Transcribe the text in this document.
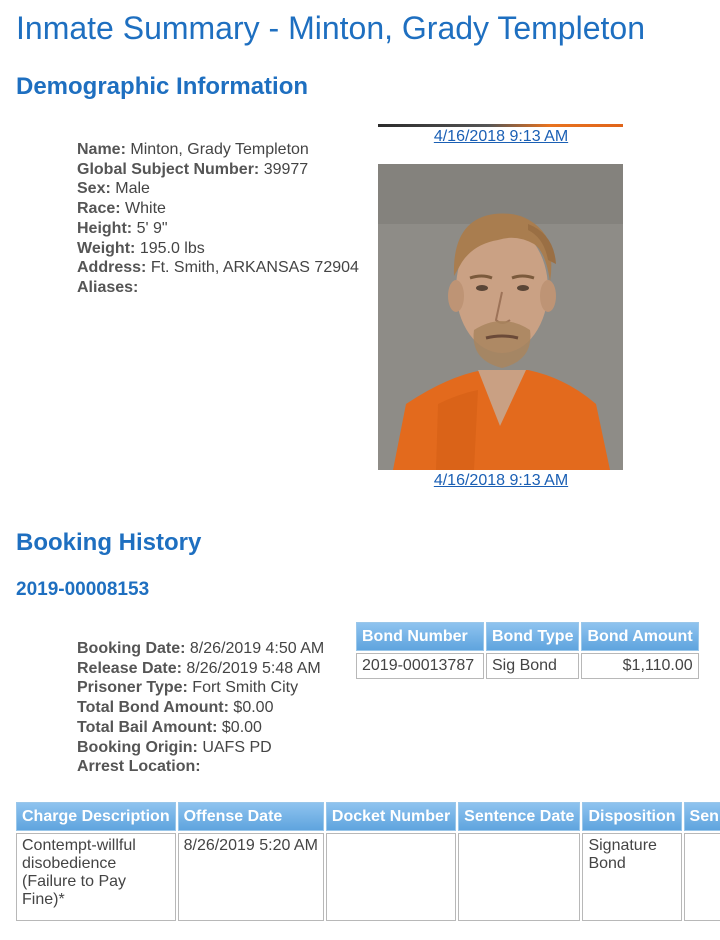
Inmate Summary - Minton, Grady Templeton
Demographic Information
Name: Minton, Grady Templeton
Global Subject Number: 39977
Sex: Male
Race: White
Height: 5' 9"
Weight: 195.0 lbs
Address: Ft. Smith, ARKANSAS 72904
Aliases:
4/16/2018 9:13 AM
4/16/2018 9:13 AM
Booking History
2019-00008153
Booking Date: 8/26/2019 4:50 AM
Release Date: 8/26/2019 5:48 AM
Prisoner Type: Fort Smith City
Total Bond Amount: $0.00
Total Bail Amount: $0.00
Booking Origin: UAFS PD
Arrest Location:
Bond Number	Bond Type	Bond Amount
2019-00013787	Sig Bond	$1,110.00
Charge Description	Offense Date	Docket Number	Sentence Date	Disposition	Sen
Contempt-willful disobedience (Failure to Pay Fine)*	8/26/2019 5:20 AM			Signature Bond	
